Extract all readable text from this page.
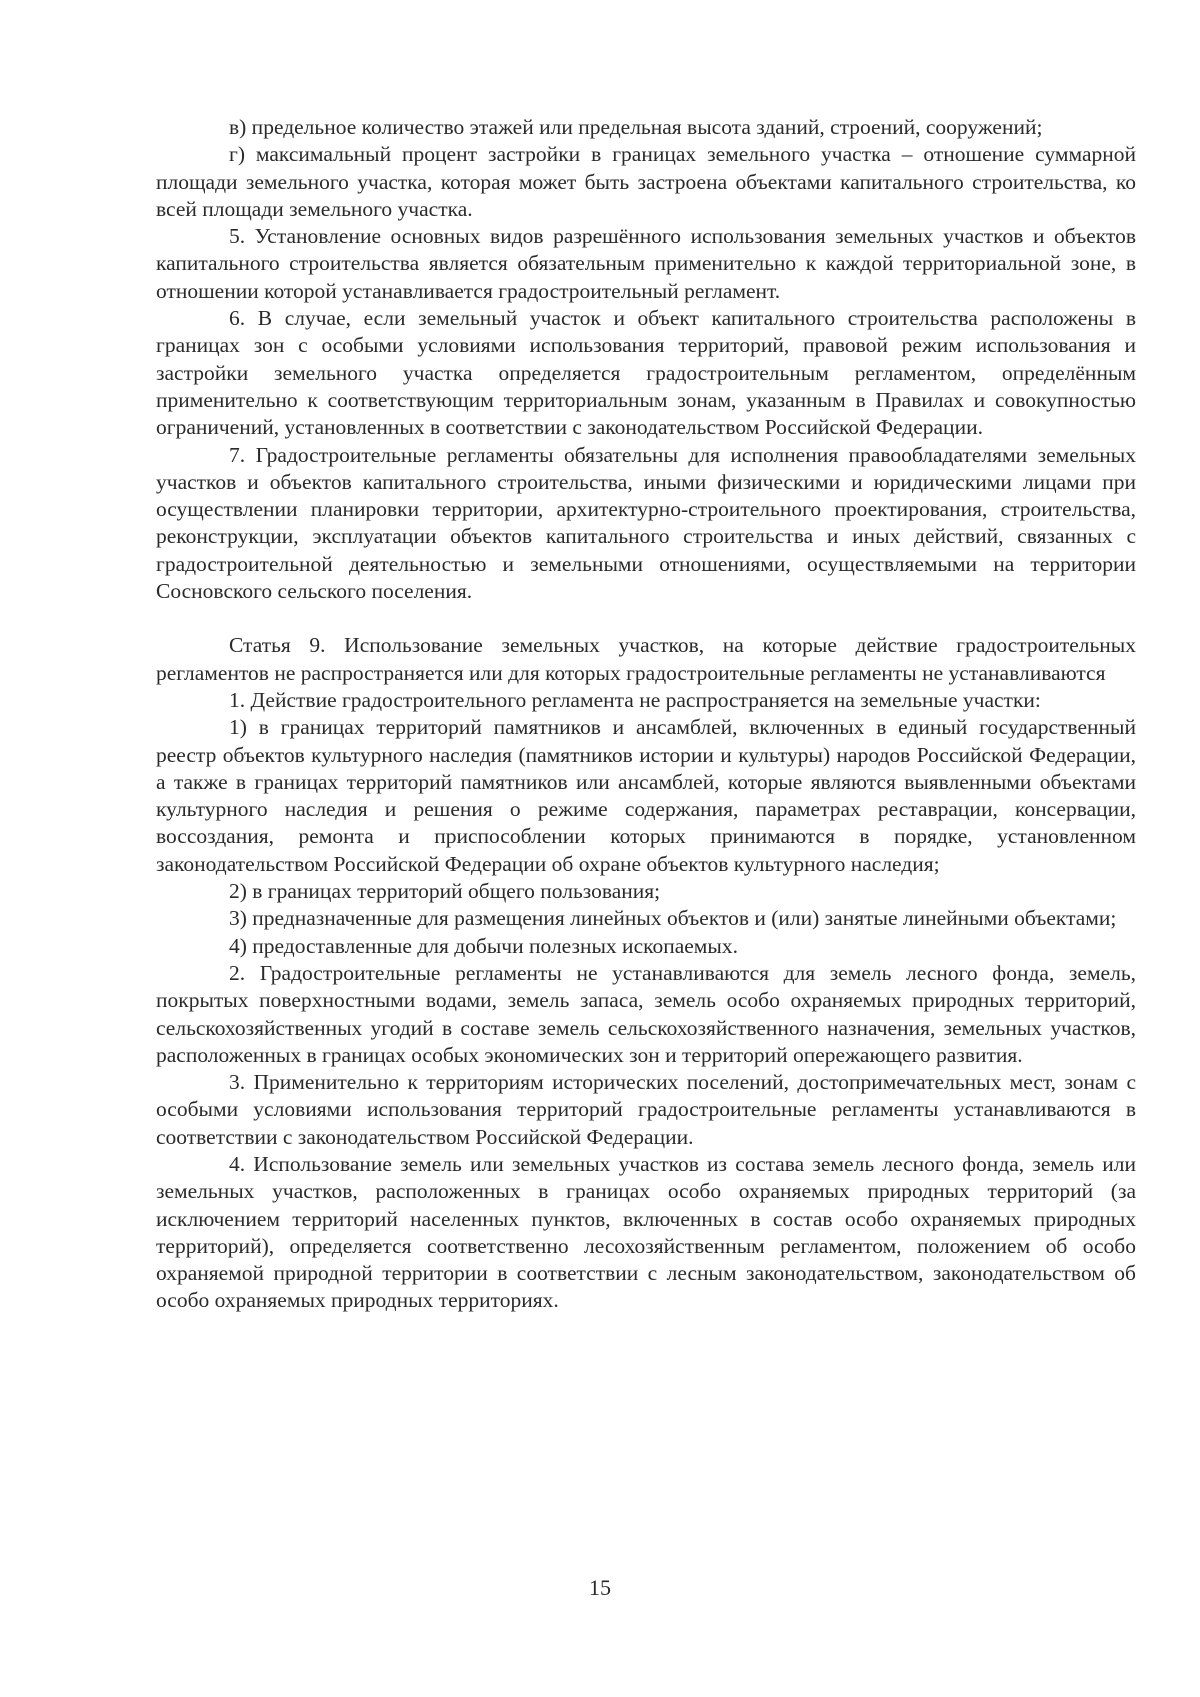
в) предельное количество этажей или предельная высота зданий, строений, сооружений;

г) максимальный процент застройки в границах земельного участка – отношение суммарной площади земельного участка, которая может быть застроена объектами капитального строительства, ко всей площади земельного участка.

5. Установление основных видов разрешённого использования земельных участков и объектов капитального строительства является обязательным применительно к каждой территориальной зоне, в отношении которой устанавливается градостроительный регламент.

6. В случае, если земельный участок и объект капитального строительства расположены в границах зон с особыми условиями использования территорий, правовой режим использования и застройки земельного участка определяется градостроительным регламентом, определённым применительно к соответствующим территориальным зонам, указанным в Правилах и совокупностью ограничений, установленных в соответствии с законодательством Российской Федерации.

7. Градостроительные регламенты обязательны для исполнения правообладателями земельных участков и объектов капитального строительства, иными физическими и юридическими лицами при осуществлении планировки территории, архитектурно-строительного проектирования, строительства, реконструкции, эксплуатации объектов капитального строительства и иных действий, связанных с градостроительной деятельностью и земельными отношениями, осуществляемыми на территории Сосновского сельского поселения.

Статья 9. Использование земельных участков, на которые действие градостроительных регламентов не распространяется или для которых градостроительные регламенты не устанавливаются

1. Действие градостроительного регламента не распространяется на земельные участки:

1) в границах территорий памятников и ансамблей, включенных в единый государственный реестр объектов культурного наследия (памятников истории и культуры) народов Российской Федерации, а также в границах территорий памятников или ансамблей, которые являются выявленными объектами культурного наследия и решения о режиме содержания, параметрах реставрации, консервации, воссоздания, ремонта и приспособлении которых принимаются в порядке, установленном законодательством Российской Федерации об охране объектов культурного наследия;

2) в границах территорий общего пользования;

3) предназначенные для размещения линейных объектов и (или) занятые линейными объектами;

4) предоставленные для добычи полезных ископаемых.

2. Градостроительные регламенты не устанавливаются для земель лесного фонда, земель, покрытых поверхностными водами, земель запаса, земель особо охраняемых природных территорий, сельскохозяйственных угодий в составе земель сельскохозяйственного назначения, земельных участков, расположенных в границах особых экономических зон и территорий опережающего развития.

3. Применительно к территориям исторических поселений, достопримечательных мест, зонам с особыми условиями использования территорий градостроительные регламенты устанавливаются в соответствии с законодательством Российской Федерации.

4. Использование земель или земельных участков из состава земель лесного фонда, земель или земельных участков, расположенных в границах особо охраняемых природных территорий (за исключением территорий населенных пунктов, включенных в состав особо охраняемых природных территорий), определяется соответственно лесохозяйственным регламентом, положением об особо охраняемой природной территории в соответствии с лесным законодательством, законодательством об особо охраняемых природных территориях.

15
